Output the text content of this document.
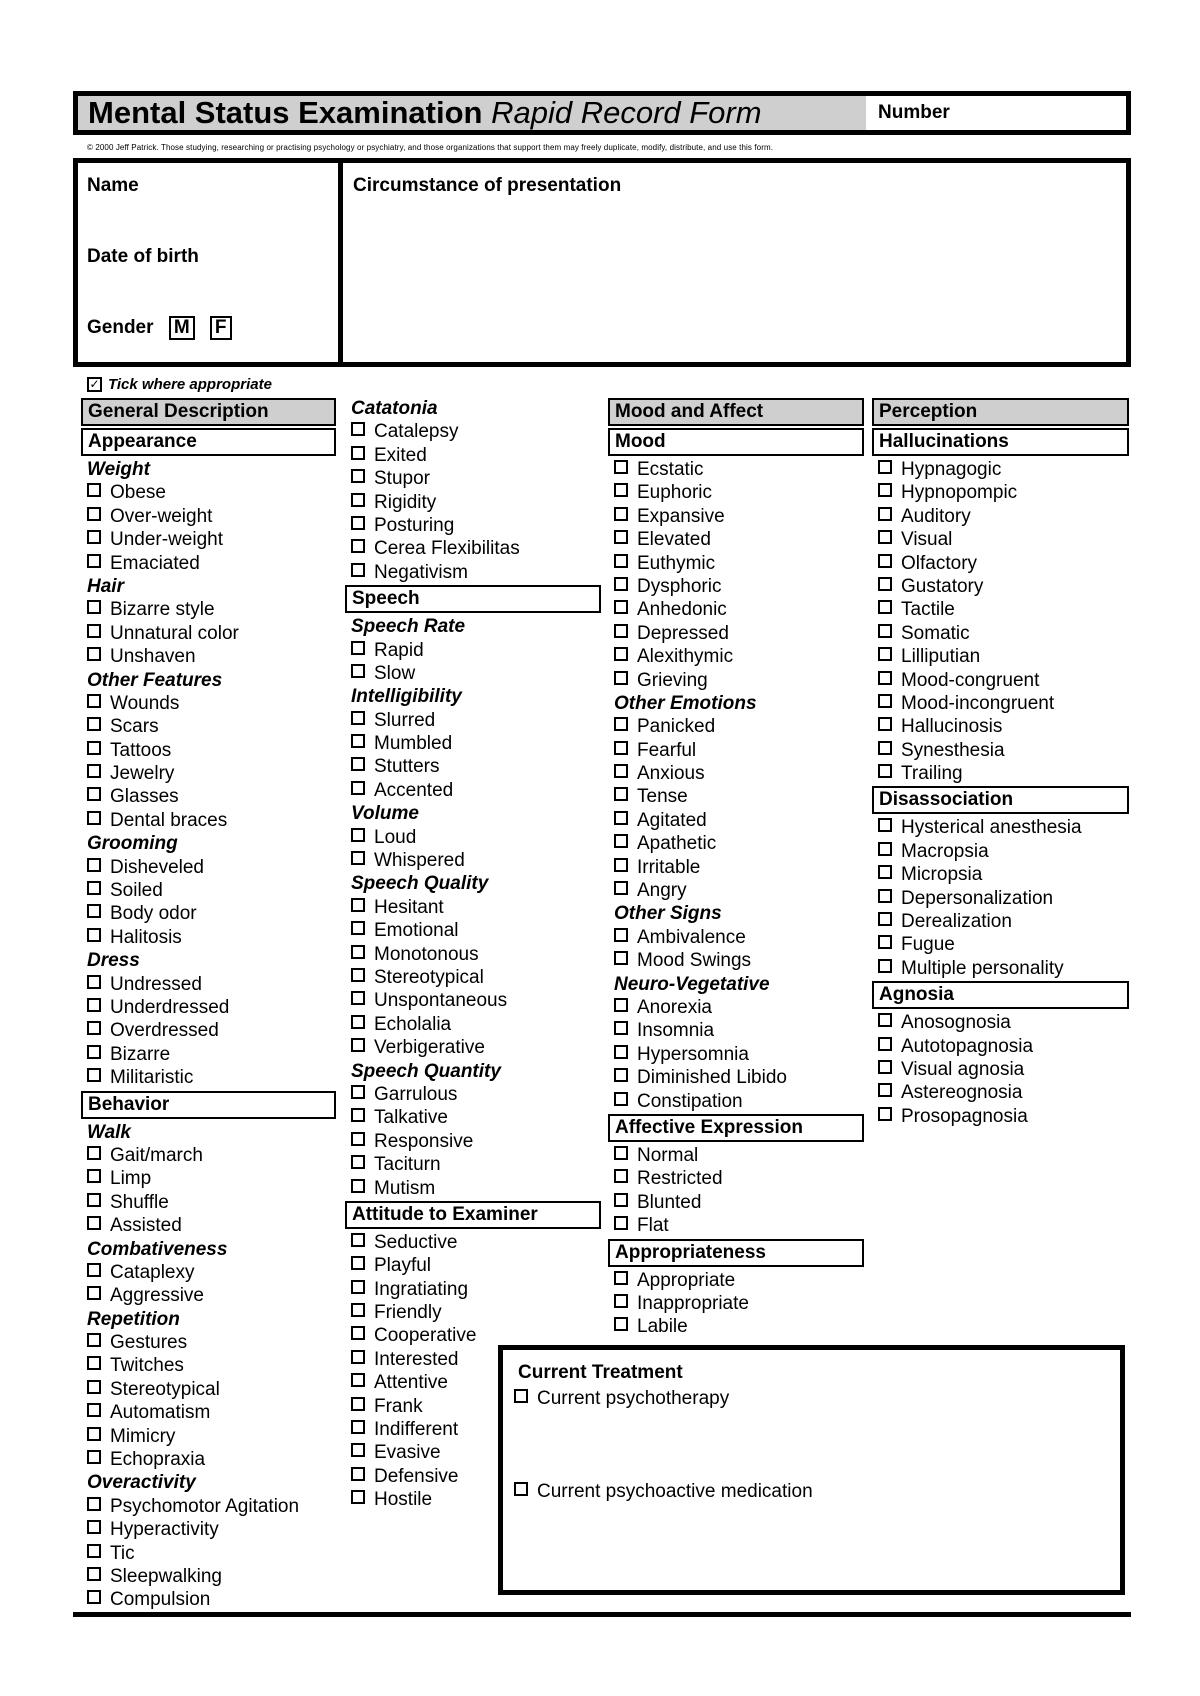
Mental Status Examination Rapid Record Form	Number
© 2000 Jeff Patrick. Those studying, researching or practising psychology or psychiatry, and those organizations that support them may freely duplicate, modify, distribute, and use this form.
Name
Date of birth
Gender M F
Circumstance of presentation
✓ Tick where appropriate
General Description
Appearance
Weight
Obese
Over-weight
Under-weight
Emaciated
Hair
Bizarre style
Unnatural color
Unshaven
Other Features
Wounds
Scars
Tattoos
Jewelry
Glasses
Dental braces
Grooming
Disheveled
Soiled
Body odor
Halitosis
Dress
Undressed
Underdressed
Overdressed
Bizarre
Militaristic
Behavior
Walk
Gait/march
Limp
Shuffle
Assisted
Combativeness
Cataplexy
Aggressive
Repetition
Gestures
Twitches
Stereotypical
Automatism
Mimicry
Echopraxia
Overactivity
Psychomotor Agitation
Hyperactivity
Tic
Sleepwalking
Compulsion
Catatonia
Catalepsy
Exited
Stupor
Rigidity
Posturing
Cerea Flexibilitas
Negativism
Speech
Speech Rate
Rapid
Slow
Intelligibility
Slurred
Mumbled
Stutters
Accented
Volume
Loud
Whispered
Speech Quality
Hesitant
Emotional
Monotonous
Stereotypical
Unspontaneous
Echolalia
Verbigerative
Speech Quantity
Garrulous
Talkative
Responsive
Taciturn
Mutism
Attitude to Examiner
Seductive
Playful
Ingratiating
Friendly
Cooperative
Interested
Attentive
Frank
Indifferent
Evasive
Defensive
Hostile
Mood and Affect
Mood
Ecstatic
Euphoric
Expansive
Elevated
Euthymic
Dysphoric
Anhedonic
Depressed
Alexithymic
Grieving
Other Emotions
Panicked
Fearful
Anxious
Tense
Agitated
Apathetic
Irritable
Angry
Other Signs
Ambivalence
Mood Swings
Neuro-Vegetative
Anorexia
Insomnia
Hypersomnia
Diminished Libido
Constipation
Affective Expression
Normal
Restricted
Blunted
Flat
Appropriateness
Appropriate
Inappropriate
Labile
Perception
Hallucinations
Hypnagogic
Hypnopompic
Auditory
Visual
Olfactory
Gustatory
Tactile
Somatic
Lilliputian
Mood-congruent
Mood-incongruent
Hallucinosis
Synesthesia
Trailing
Disassociation
Hysterical anesthesia
Macropsia
Micropsia
Depersonalization
Derealization
Fugue
Multiple personality
Agnosia
Anosognosia
Autotopagnosia
Visual agnosia
Astereognosia
Prosopagnosia
Current Treatment
Current psychotherapy
Current psychoactive medication
